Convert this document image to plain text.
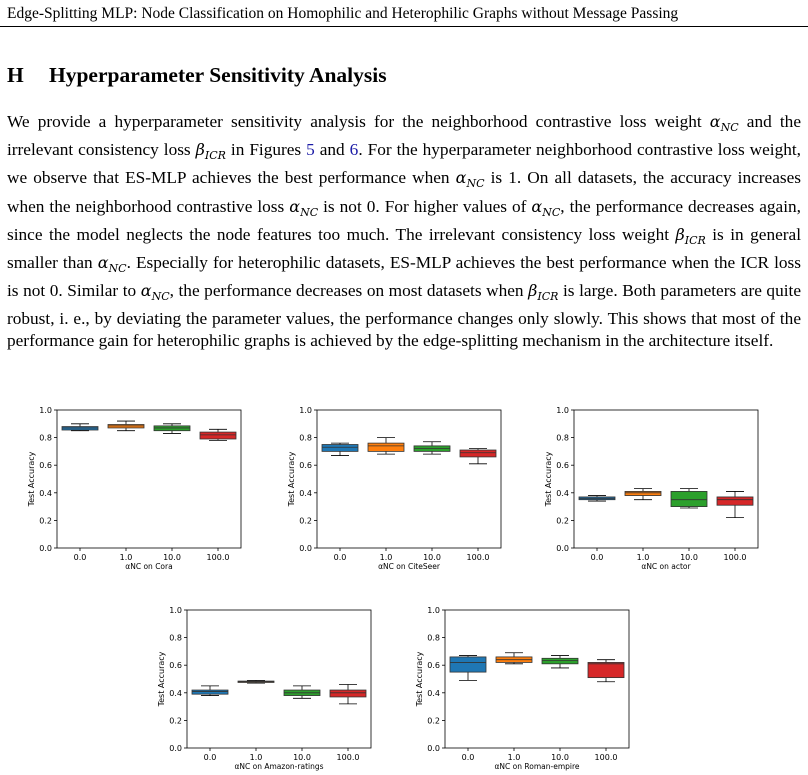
Edge-Splitting MLP: Node Classification on Homophilic and Heterophilic Graphs without Message Passing
H Hyperparameter Sensitivity Analysis

We provide a hyperparameter sensitivity analysis for the neighborhood contrastive loss weight $\alpha_{NC}$ and the irrelevant consistency loss $\beta_{ICR}$ in Figures 5 and 6. For the hyperparameter neighborhood contrastive loss weight, we observe that ES-MLP achieves the best performance when $\alpha_{NC}$ is 1. On all datasets, the accuracy increases when the neighborhood contrastive loss $\alpha_{NC}$ is not 0. For higher values of $\alpha_{NC}$, the performance decreases again, since the model neglects the node features too much. The irrelevant consistency loss weight $\beta_{ICR}$ is in general smaller than $\alpha_{NC}$. Especially for heterophilic datasets, ES-MLP achieves the best performance when the ICR loss is not 0. Similar to $\alpha_{NC}$, the performance decreases on most datasets when $\beta_{ICR}$ is large. Both parameters are quite robust, i. e., by deviating the parameter values, the performance changes only slowly. This shows that most of the performance gain for heterophilic graphs is achieved by the edge-splitting mechanism in the architecture itself.

0.0
0.2
0.4
0.6
0.8
1.0
Test Accuracy
0.0	1.0	10.0	100.0
αNC on Cora
0.0
0.2
0.4
0.6
0.8
1.0
Test Accuracy
0.0	1.0	10.0	100.0
αNC on CiteSeer
0.0
0.2
0.4
0.6
0.8
1.0
Test Accuracy
0.0	1.0	10.0	100.0
αNC on actor
0.0
0.2
0.4
0.6
0.8
1.0
Test Accuracy
0.0	1.0	10.0	100.0
αNC on Amazon-ratings
0.0
0.2
0.4
0.6
0.8
1.0
Test Accuracy
0.0	1.0	10.0	100.0
αNC on Roman-empire
